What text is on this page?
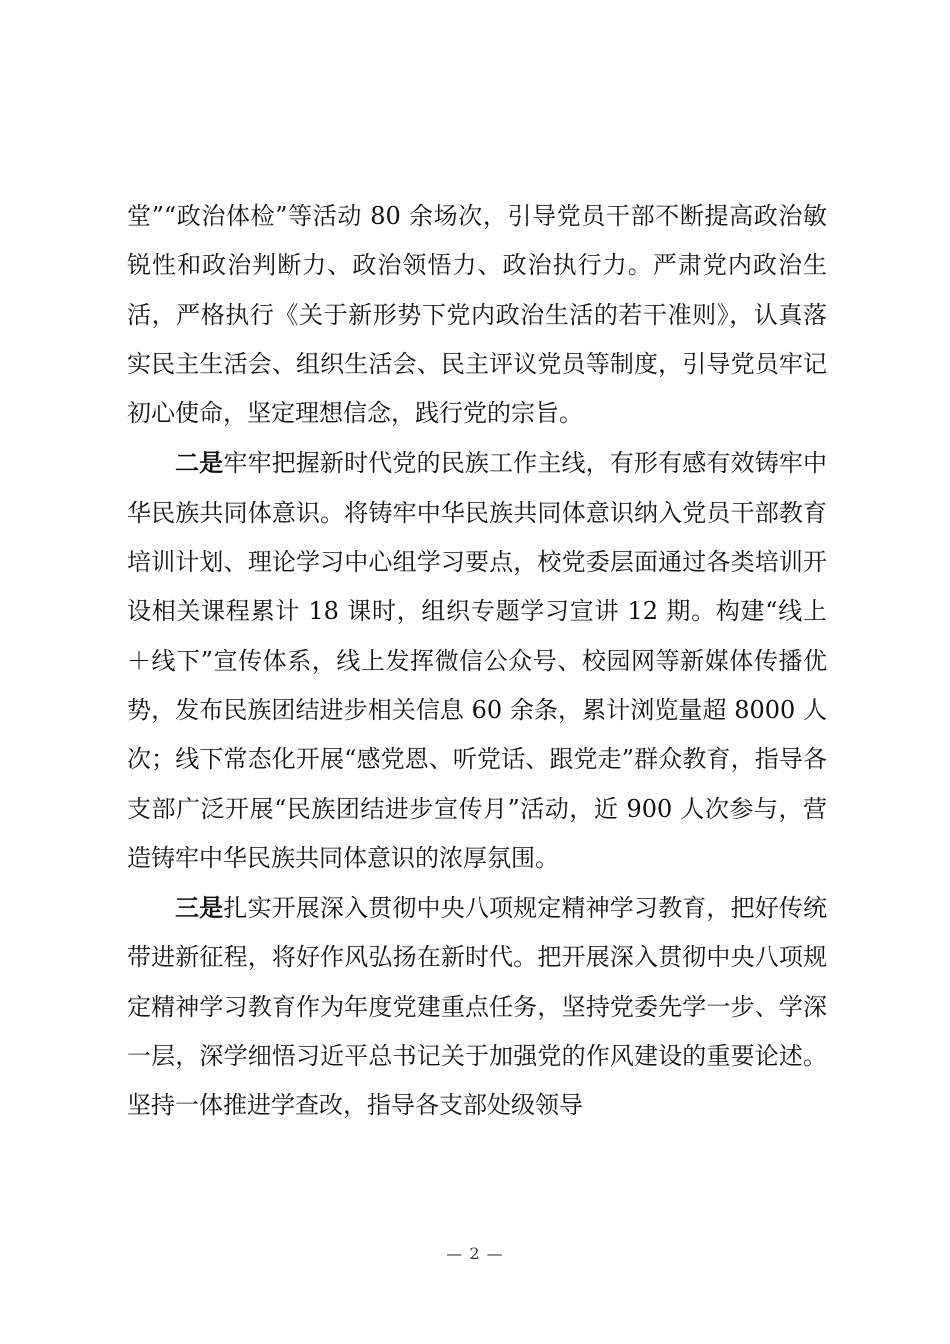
堂”“政治体检”等活动 80 余场次，引导党员干部不断提高政治敏锐性和政治判断力、政治领悟力、政治执行力。严肃党内政治生活，严格执行《关于新形势下党内政治生活的若干准则》，认真落实民主生活会、组织生活会、民主评议党员等制度，引导党员牢记初心使命，坚定理想信念，践行党的宗旨。

二是牢牢把握新时代党的民族工作主线，有形有感有效铸牢中华民族共同体意识。将铸牢中华民族共同体意识纳入党员干部教育培训计划、理论学习中心组学习要点，校党委层面通过各类培训开设相关课程累计 18 课时，组织专题学习宣讲 12 期。构建“线上＋线下”宣传体系，线上发挥微信公众号、校园网等新媒体传播优势，发布民族团结进步相关信息 60 余条，累计浏览量超 8000 人次；线下常态化开展“感党恩、听党话、跟党走”群众教育，指导各支部广泛开展“民族团结进步宣传月”活动，近 900 人次参与，营造铸牢中华民族共同体意识的浓厚氛围。

三是扎实开展深入贯彻中央八项规定精神学习教育，把好传统带进新征程，将好作风弘扬在新时代。把开展深入贯彻中央八项规定精神学习教育作为年度党建重点任务，坚持党委先学一步、学深一层，深学细悟习近平总书记关于加强党的作风建设的重要论述。坚持一体推进学查改，指导各支部处级领导

— 2 —
